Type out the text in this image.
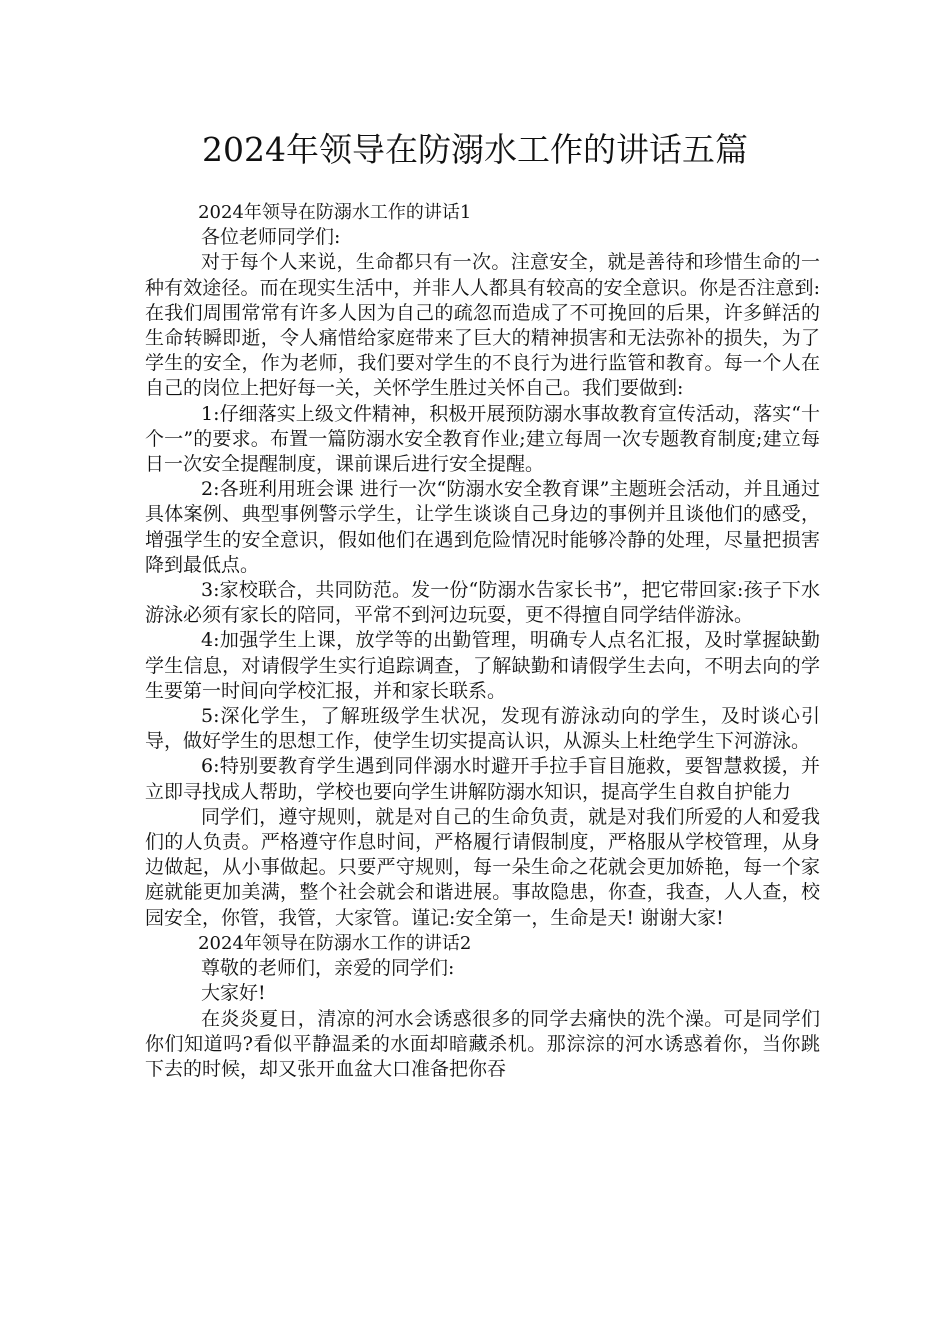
2024年领导在防溺水工作的讲话五篇

2024年领导在防溺水工作的讲话1

各位老师同学们:

对于每个人来说，生命都只有一次。注意安全，就是善待和珍惜生命的一种有效途径。而在现实生活中，并非人人都具有较高的安全意识。你是否注意到:在我们周围常常有许多人因为自己的疏忽而造成了不可挽回的后果，许多鲜活的生命转瞬即逝，令人痛惜给家庭带来了巨大的精神损害和无法弥补的损失，为了学生的安全，作为老师，我们要对学生的不良行为进行监管和教育。每一个人在自己的岗位上把好每一关，关怀学生胜过关怀自己。我们要做到:

1:仔细落实上级文件精神，积极开展预防溺水事故教育宣传活动，落实“十个一”的要求。布置一篇防溺水安全教育作业;建立每周一次专题教育制度;建立每日一次安全提醒制度，课前课后进行安全提醒。

2:各班利用班会课 进行一次“防溺水安全教育课”主题班会活动，并且通过具体案例、典型事例警示学生，让学生谈谈自己身边的事例并且谈他们的感受，增强学生的安全意识，假如他们在遇到危险情况时能够冷静的处理，尽量把损害降到最低点。

3:家校联合，共同防范。发一份“防溺水告家长书”，把它带回家:孩子下水游泳必须有家长的陪同，平常不到河边玩耍，更不得擅自同学结伴游泳。

4:加强学生上课，放学等的出勤管理，明确专人点名汇报，及时掌握缺勤学生信息，对请假学生实行追踪调查，了解缺勤和请假学生去向，不明去向的学生要第一时间向学校汇报，并和家长联系。

5:深化学生，了解班级学生状况，发现有游泳动向的学生，及时谈心引导，做好学生的思想工作，使学生切实提高认识，从源头上杜绝学生下河游泳。

6:特别要教育学生遇到同伴溺水时避开手拉手盲目施救，要智慧救援，并立即寻找成人帮助，学校也要向学生讲解防溺水知识，提高学生自救自护能力

同学们，遵守规则，就是对自己的生命负责，就是对我们所爱的人和爱我们的人负责。严格遵守作息时间，严格履行请假制度，严格服从学校管理，从身边做起，从小事做起。只要严守规则，每一朵生命之花就会更加娇艳，每一个家庭就能更加美满，整个社会就会和谐进展。事故隐患，你查，我查，人人查，校园安全，你管，我管，大家管。谨记:安全第一，生命是天! 谢谢大家!

2024年领导在防溺水工作的讲话2

尊敬的老师们，亲爱的同学们:

大家好!

在炎炎夏日，清凉的河水会诱惑很多的同学去痛快的洗个澡。可是同学们你们知道吗?看似平静温柔的水面却暗藏杀机。那淙淙的河水诱惑着你，当你跳下去的时候，却又张开血盆大口准备把你吞
